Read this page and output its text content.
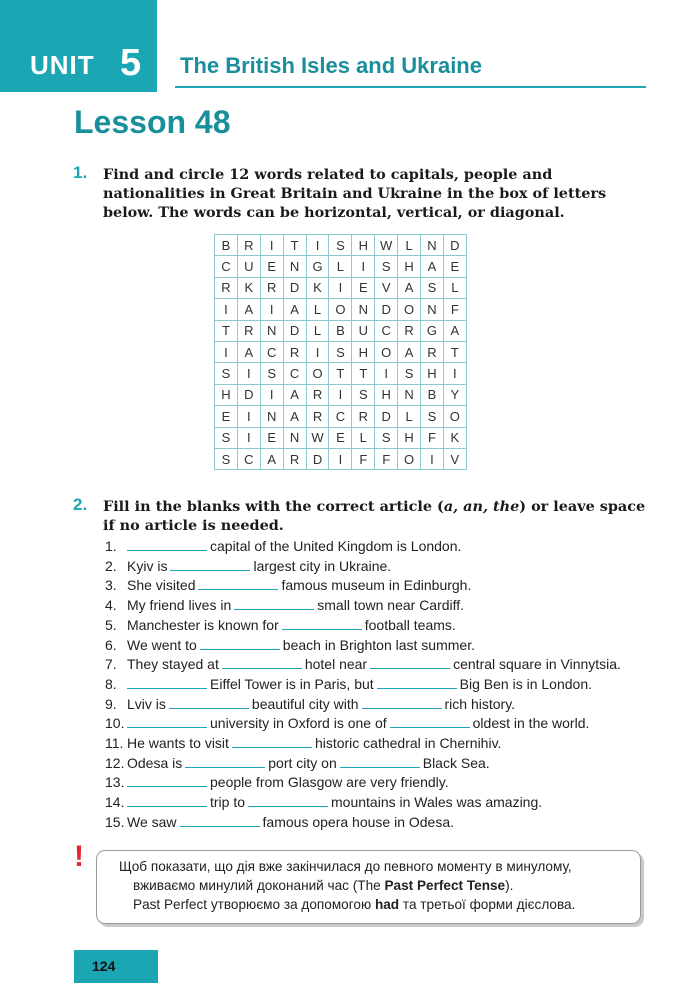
UNIT 5 The British Isles and Ukraine
Lesson 48
1. Find and circle 12 words related to capitals, people and nationalities in Great Britain and Ukraine in the box of letters below. The words can be horizontal, vertical, or diagonal.
B	R	I	T	I	S	H	W	L	N	D
C	U	E	N	G	L	I	S	H	A	E
R	K	R	D	K	I	E	V	A	S	L
I	A	I	A	L	O	N	D	O	N	F
T	R	N	D	L	B	U	C	R	G	A
I	A	C	R	I	S	H	O	A	R	T
S	I	S	C	O	T	T	I	S	H	I
H	D	I	A	R	I	S	H	N	B	Y
E	I	N	A	R	C	R	D	L	S	O
S	I	E	N	W	E	L	S	H	F	K
S	C	A	R	D	I	F	F	O	I	V
2. Fill in the blanks with the correct article (a, an, the) or leave space if no article is needed.
1.	capital of the United Kingdom is London.
2. Kyiv is	largest city in Ukraine.
3. She visited	famous museum in Edinburgh.
4. My friend lives in	small town near Cardiff.
5. Manchester is known for	football teams.
6. We went to	beach in Brighton last summer.
7. They stayed at	hotel near	central square in Vinnytsia.
8.	Eiffel Tower is in Paris, but	Big Ben is in London.
9. Lviv is	beautiful city with	rich history.
10.	university in Oxford is one of	oldest in the world.
11. He wants to visit	historic cathedral in Chernihiv.
12. Odesa is	port city on	Black Sea.
13.	people from Glasgow are very friendly.
14.	trip to	mountains in Wales was amazing.
15. We saw	famous opera house in Odesa.
!	Щоб показати, що дія вже закінчилася до певного моменту в минулому,

вживаємо минулий доконаний час (The Past Perfect Tense).

Past Perfect утворюємо за допомогою had та третьої форми дієслова.

124
